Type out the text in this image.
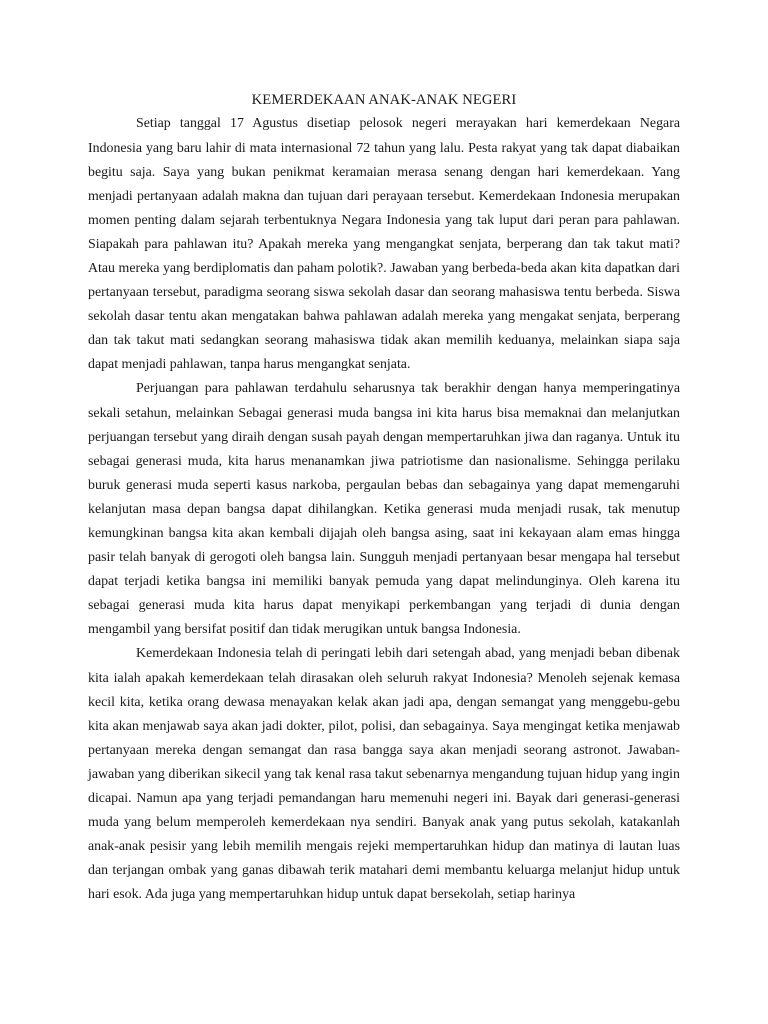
KEMERDEKAAN ANAK-ANAK NEGERI

Setiap tanggal 17 Agustus disetiap pelosok negeri merayakan hari kemerdekaan Negara Indonesia yang baru lahir di mata internasional 72 tahun yang lalu. Pesta rakyat yang tak dapat diabaikan begitu saja. Saya yang bukan penikmat keramaian merasa senang dengan hari kemerdekaan. Yang menjadi pertanyaan adalah makna dan tujuan dari perayaan tersebut. Kemerdekaan Indonesia merupakan momen penting dalam sejarah terbentuknya Negara Indonesia yang tak luput dari peran para pahlawan. Siapakah para pahlawan itu? Apakah mereka yang mengangkat senjata, berperang dan tak takut mati? Atau mereka yang berdiplomatis dan paham polotik?. Jawaban yang berbeda-beda akan kita dapatkan dari pertanyaan tersebut, paradigma seorang siswa sekolah dasar dan seorang mahasiswa tentu berbeda. Siswa sekolah dasar tentu akan mengatakan bahwa pahlawan adalah mereka yang mengakat senjata, berperang dan tak takut mati sedangkan seorang mahasiswa tidak akan memilih keduanya, melainkan siapa saja dapat menjadi pahlawan, tanpa harus mengangkat senjata.

Perjuangan para pahlawan terdahulu seharusnya tak berakhir dengan hanya memperingatinya sekali setahun, melainkan Sebagai generasi muda bangsa ini kita harus bisa memaknai dan melanjutkan perjuangan tersebut yang diraih dengan susah payah dengan mempertaruhkan jiwa dan raganya. Untuk itu sebagai generasi muda, kita harus menanamkan jiwa patriotisme dan nasionalisme. Sehingga perilaku buruk generasi muda seperti kasus narkoba, pergaulan bebas dan sebagainya yang dapat memengaruhi kelanjutan masa depan bangsa dapat dihilangkan. Ketika generasi muda menjadi rusak, tak menutup kemungkinan bangsa kita akan kembali dijajah oleh bangsa asing, saat ini kekayaan alam emas hingga pasir telah banyak di gerogoti oleh bangsa lain. Sungguh menjadi pertanyaan besar mengapa hal tersebut dapat terjadi ketika bangsa ini memiliki banyak pemuda yang dapat melindunginya. Oleh karena itu sebagai generasi muda kita harus dapat menyikapi perkembangan yang terjadi di dunia dengan mengambil yang bersifat positif dan tidak merugikan untuk bangsa Indonesia.

Kemerdekaan Indonesia telah di peringati lebih dari setengah abad, yang menjadi beban dibenak kita ialah apakah kemerdekaan telah dirasakan oleh seluruh rakyat Indonesia? Menoleh sejenak kemasa kecil kita, ketika orang dewasa menayakan kelak akan jadi apa, dengan semangat yang menggebu-gebu kita akan menjawab saya akan jadi dokter, pilot, polisi, dan sebagainya. Saya mengingat ketika menjawab pertanyaan mereka dengan semangat dan rasa bangga saya akan menjadi seorang astronot. Jawaban-jawaban yang diberikan sikecil yang tak kenal rasa takut sebenarnya mengandung tujuan hidup yang ingin dicapai. Namun apa yang terjadi pemandangan haru memenuhi negeri ini. Bayak dari generasi-generasi muda yang belum memperoleh kemerdekaan nya sendiri. Banyak anak yang putus sekolah, katakanlah anak-anak pesisir yang lebih memilih mengais rejeki mempertaruhkan hidup dan matinya di lautan luas dan terjangan ombak yang ganas dibawah terik matahari demi membantu keluarga melanjut hidup untuk hari esok. Ada juga yang mempertaruhkan hidup untuk dapat bersekolah, setiap harinya
